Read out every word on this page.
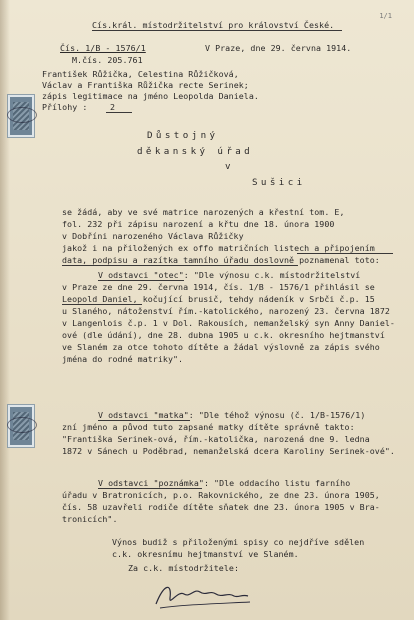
1/1
Cís.král. místodržitelství pro království České.
Čís. 1/B - 1576/1	V Praze, dne 29. června 1914.
M.čís. 205.761
František Růžička, Celestina Růžičková,
Václav a Františka Růžička recte Serinek;
zápis legitimace na jméno Leopolda Daniela.
Přílohy :	2
Důstojný
děkanský úřad
v
Sušici
se žádá, aby ve své matrice narozených a křestní tom. E,
fol. 232 při zápisu narození a křtu dne 18. února 1900
v Dobříni narozeného Václava Růžičky
jakož i na přiložených ex offo matričních listech a připojením
data, podpisu a razítka tamního úřadu doslovně poznamenal toto:
V odstavci "otec": "Dle výnosu c.k. místodržitelství
v Praze ze dne 29. června 1914, čís. 1/B - 1576/1 přihlásil se
Leopold Daniel, kočující brusič, tehdy nádeník v Srbči č.p. 15
u Slaného, nátoženství řím.-katolického, narozený 23. června 1872
v Langenlois č.p. 1 v Dol. Rakousích, nemanželský syn Anny Daniel-
ové (dle údání), dne 28. dubna 1905 u c.k. okresního hejtmanství
ve Slaném za otce tohoto dítěte a žádal výslovně za zápis svého
jména do rodné matriky".
V odstavci "matka": "Dle téhož výnosu (č. 1/B-1576/1)
zní jméno a původ tuto zapsané matky dítěte správně takto:
"Františka Serinek-ová, řím.-katolička, narozená dne 9. ledna
1872 v Sánech u Poděbrad, nemanželská dcera Karoliny Serinek-ové".
V odstavci "poznámka": "Dle oddacího listu farního
úřadu v Bratronicích, p.o. Rakovnického, ze dne 23. února 1905,
čís. 58 uzavřeli rodiče dítěte sňatek dne 23. února 1905 v Bra-
tronicích".
Výnos budiž s přiloženými spisy co nejdříve sdělen
c.k. okresnímu hejtmanství ve Slaném.
Za c.k. místodržitele:
